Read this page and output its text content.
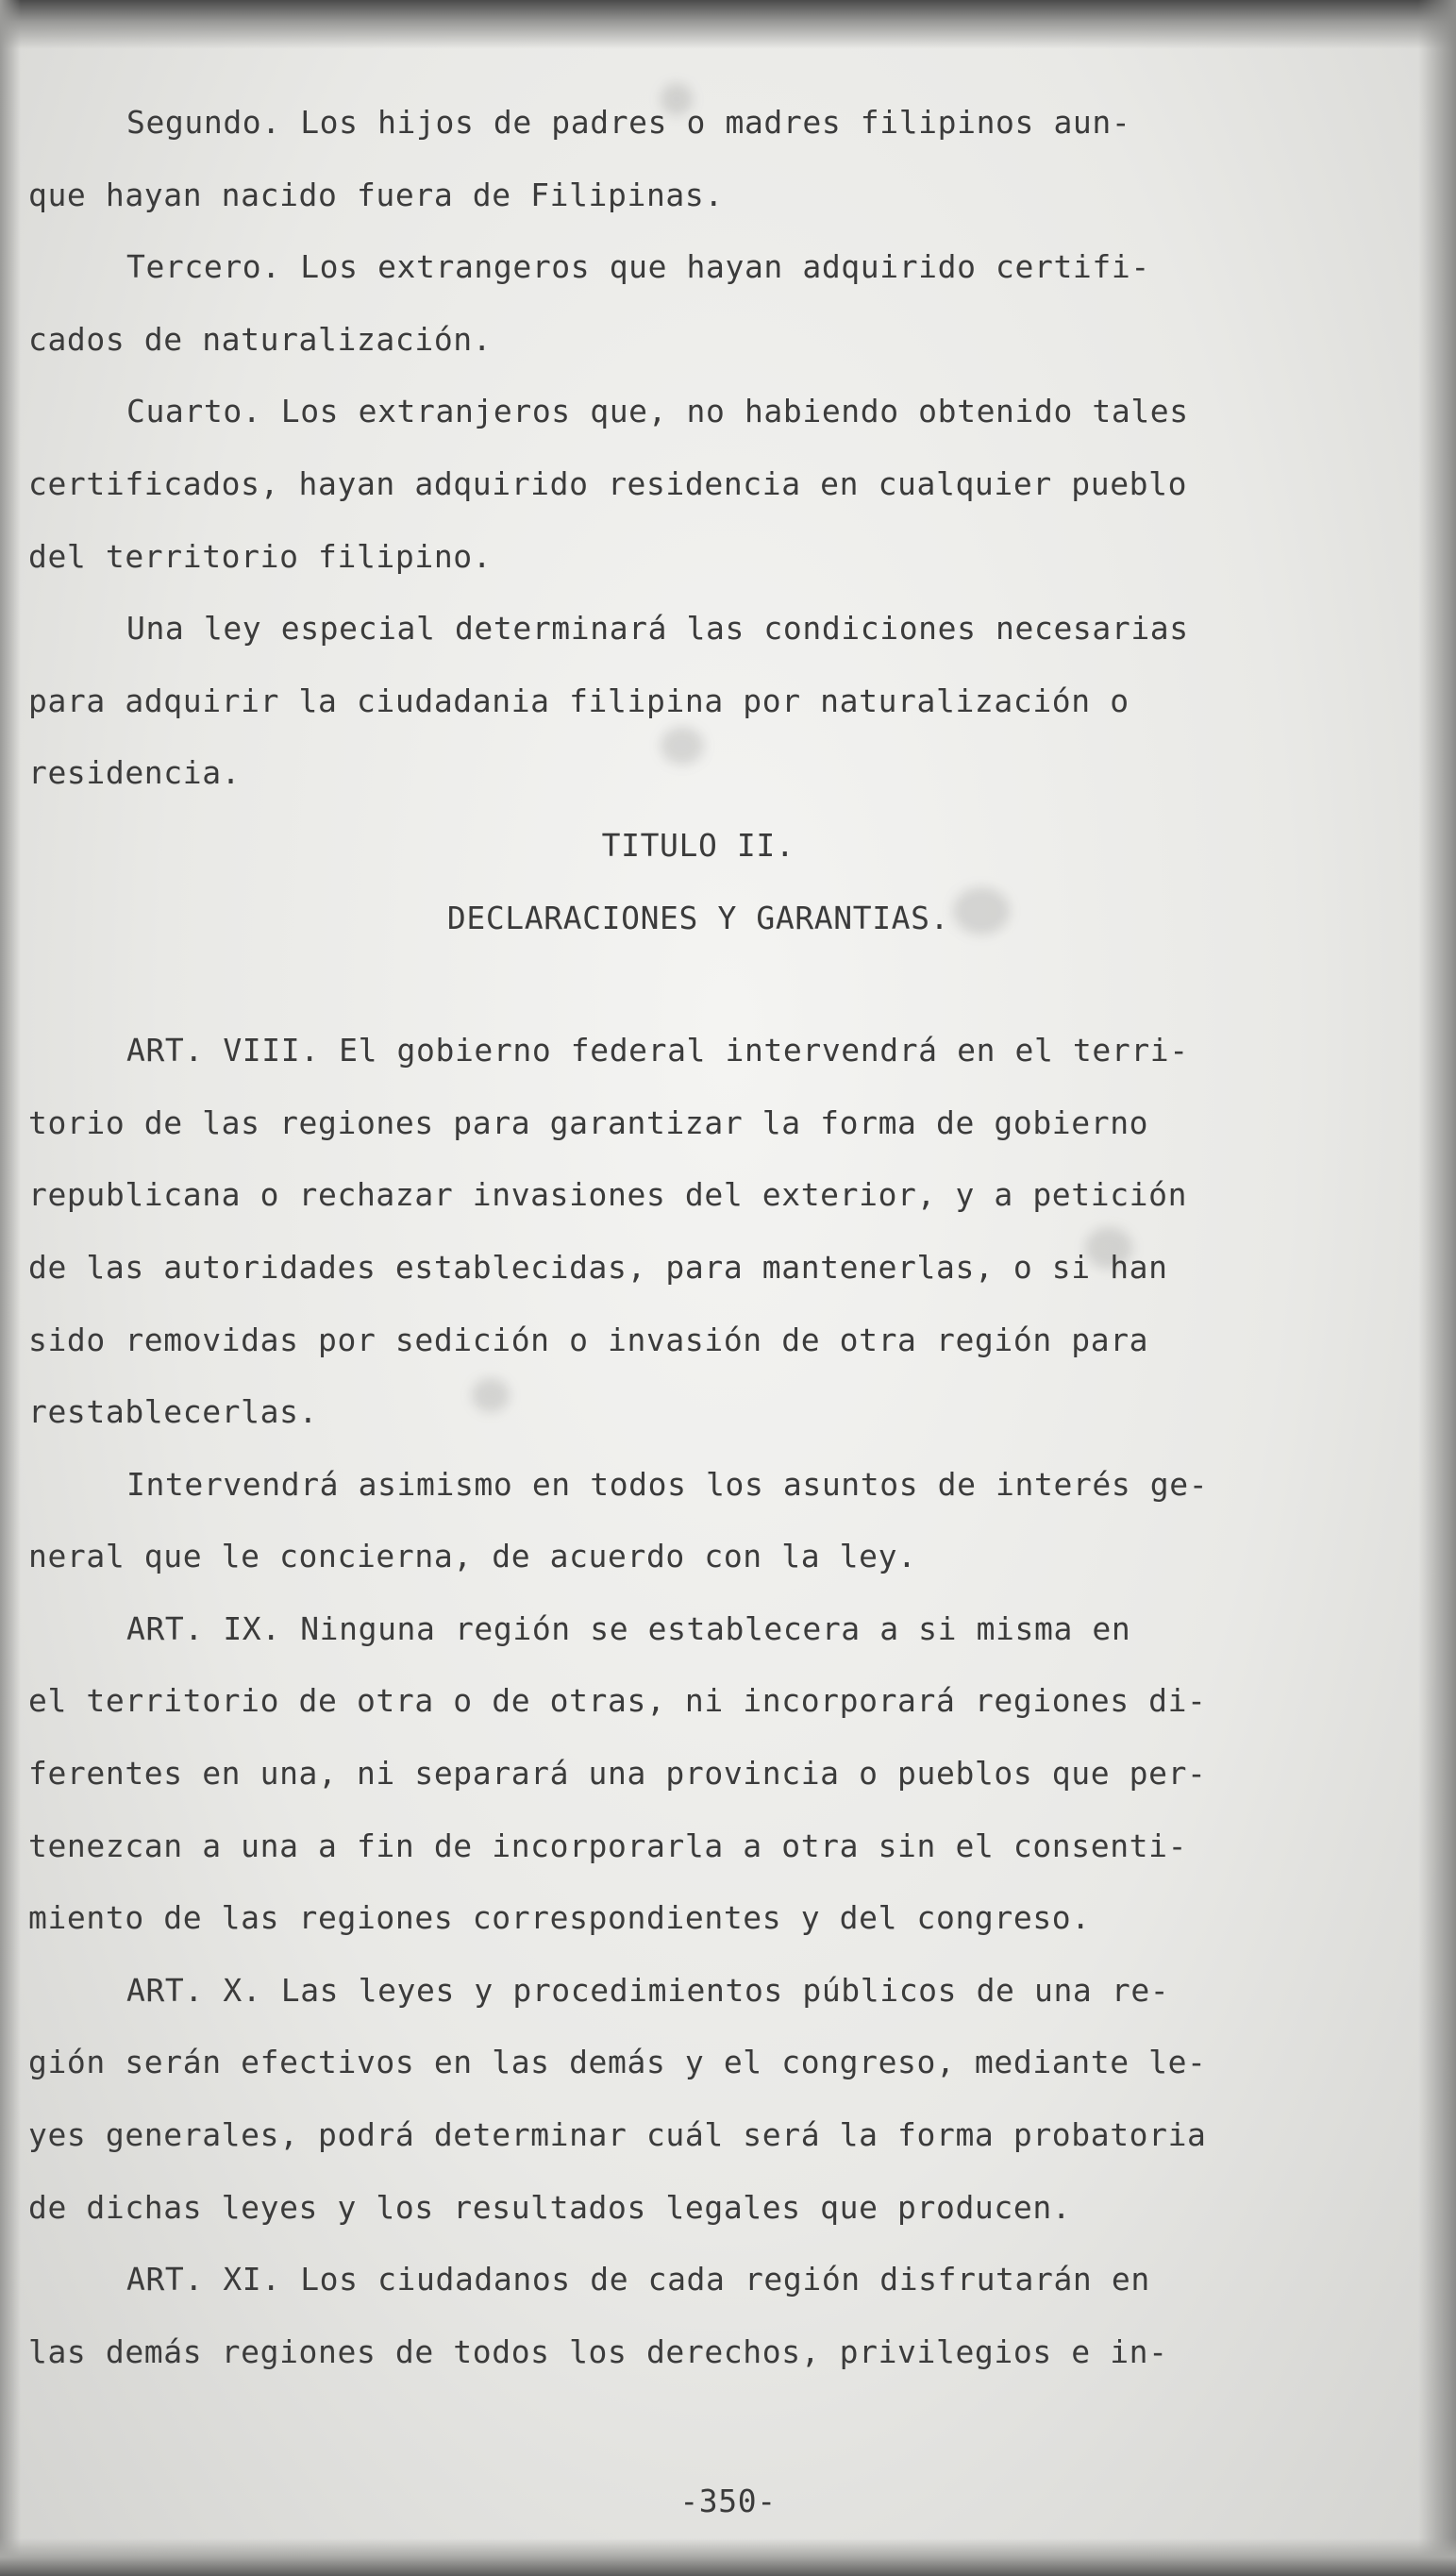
Segundo. Los hijos de padres o madres filipinos aun-
que hayan nacido fuera de Filipinas.
Tercero. Los extrangeros que hayan adquirido certifi-
cados de naturalización.
Cuarto. Los extranjeros que, no habiendo obtenido tales
certificados, hayan adquirido residencia en cualquier pueblo
del territorio filipino.
Una ley especial determinará las condiciones necesarias
para adquirir la ciudadania filipina por naturalización o
residencia.
TITULO II.
DECLARACIONES Y GARANTIAS.
ART. VIII. El gobierno federal intervendrá en el terri-
torio de las regiones para garantizar la forma de gobierno
republicana o rechazar invasiones del exterior, y a petición
de las autoridades establecidas, para mantenerlas, o si han
sido removidas por sedición o invasión de otra región para
restablecerlas.
Intervendrá asimismo en todos los asuntos de interés ge-
neral que le concierna, de acuerdo con la ley.
ART. IX. Ninguna región se establecera a si misma en
el territorio de otra o de otras, ni incorporará regiones di-
ferentes en una, ni separará una provincia o pueblos que per-
tenezcan a una a fin de incorporarla a otra sin el consenti-
miento de las regiones correspondientes y del congreso.
ART. X. Las leyes y procedimientos públicos de una re-
gión serán efectivos en las demás y el congreso, mediante le-
yes generales, podrá determinar cuál será la forma probatoria
de dichas leyes y los resultados legales que producen.
ART. XI. Los ciudadanos de cada región disfrutarán en
las demás regiones de todos los derechos, privilegios e in-
-350-
